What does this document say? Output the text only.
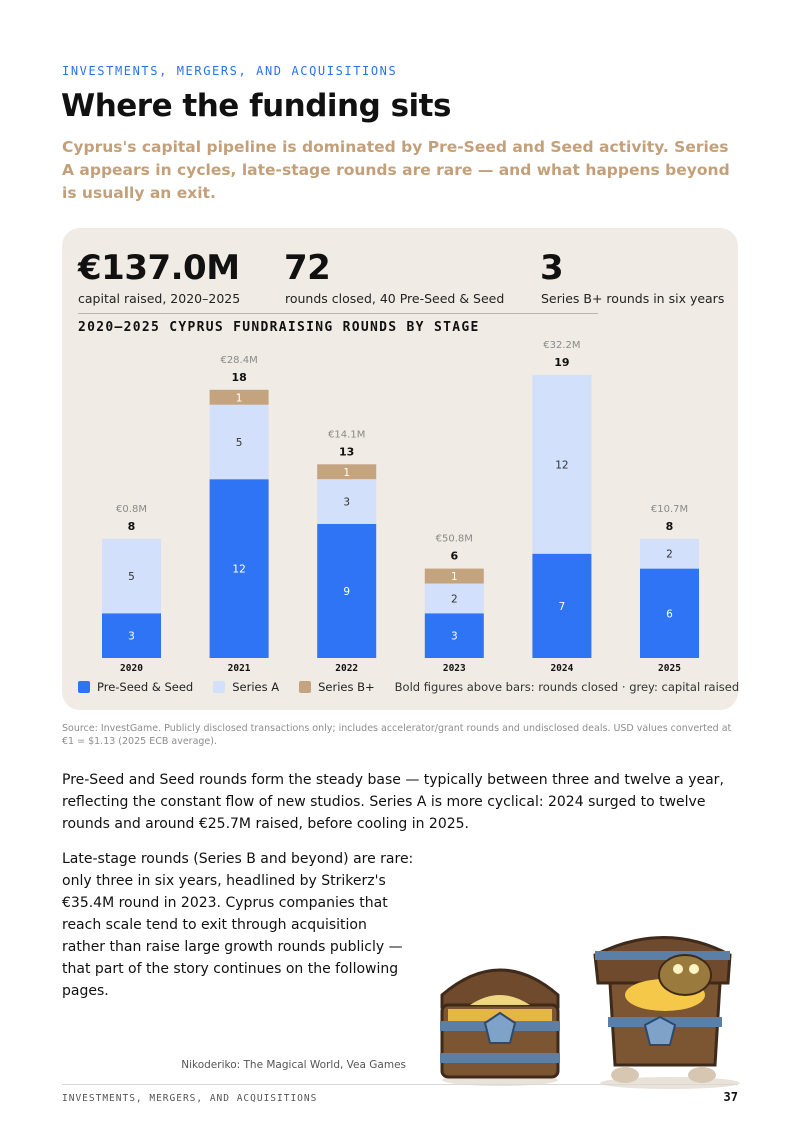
INVESTMENTS, MERGERS, AND ACQUISITIONS
Where the funding sits

Cyprus's capital pipeline is dominated by Pre-Seed and Seed activity. Series A appears in cycles, late-stage rounds are rare — and what happens beyond is usually an exit.

€137.0M
capital raised, 2020–2025
72
rounds closed, 40 Pre-Seed & Seed
3
Series B+ rounds in six years
2020–2025 CYPRUS FUNDRAISING ROUNDS BY STAGE
3
5
8
€0.8M
2020
12
5
1
18
€28.4M
2021
9
3
1
13
€14.1M
2022
3
2
1
6
€50.8M
2023
7
12
19
€32.2M
2024
6
2
8
€10.7M
2025
Pre-Seed & Seed	Series A	Series B+ Bold figures above bars: rounds closed · grey: capital raised

Source: InvestGame. Publicly disclosed transactions only; includes accelerator/grant rounds and undisclosed deals. USD values converted at €1 = $1.13 (2025 ECB average).

Pre-Seed and Seed rounds form the steady base — typically between three and twelve a year, reflecting the constant flow of new studios. Series A is more cyclical: 2024 surged to twelve rounds and around €25.7M raised, before cooling in 2025.

Late-stage rounds (Series B and beyond) are rare: only three in six years, headlined by Strikerz's €35.4M round in 2023. Cyprus companies that reach scale tend to exit through acquisition rather than raise large growth rounds publicly — that part of the story continues on the following pages.

Nikoderiko: The Magical World, Vea Games
INVESTMENTS, MERGERS, AND ACQUISITIONS	37
